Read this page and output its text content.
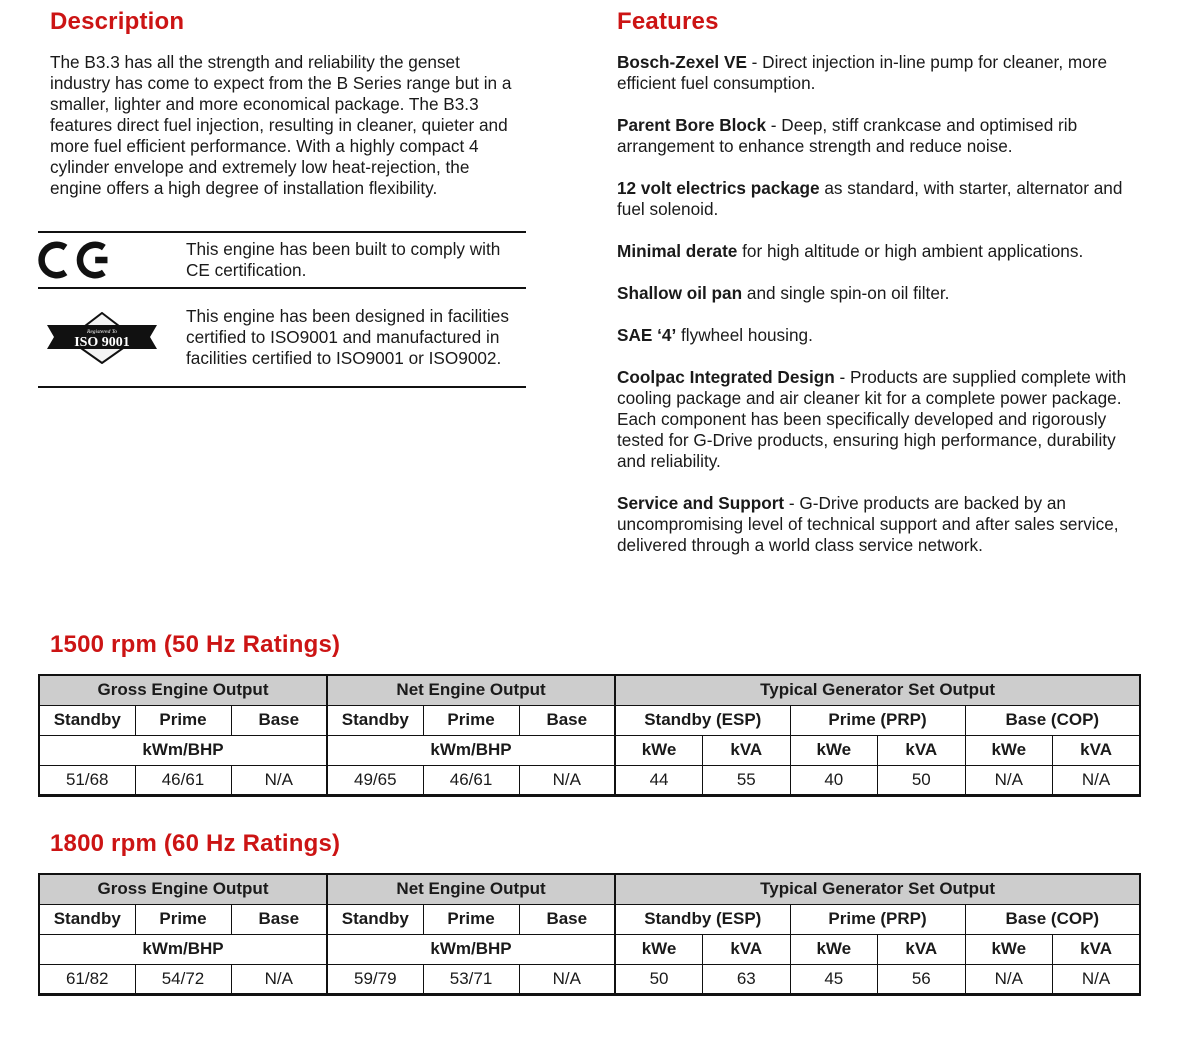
Description

The B3.3 has all the strength and reliability the genset industry has come to expect from the B Series range but in a smaller, lighter and more economical package. The B3.3 features direct fuel injection, resulting in cleaner, quieter and more fuel efficient performance. With a highly compact 4 cylinder envelope and extremely low heat-rejection, the engine offers a high degree of installation flexibility.

This engine has been built to comply with CE certification.

Registered To
ISO 9001

This engine has been designed in facilities certified to ISO9001 and manufactured in facilities certified to ISO9001 or ISO9002.

Features

Bosch-Zexel VE - Direct injection in-line pump for cleaner, more efficient fuel consumption.

Parent Bore Block - Deep, stiff crankcase and optimised rib arrangement to enhance strength and reduce noise.

12 volt electrics package as standard, with starter, alternator and fuel solenoid.

Minimal derate for high altitude or high ambient applications.

Shallow oil pan and single spin-on oil filter.

SAE ‘4’ flywheel housing.

Coolpac Integrated Design - Products are supplied complete with cooling package and air cleaner kit for a complete power package. Each component has been specifically developed and rigorously tested for G-Drive products, ensuring high performance, durability and reliability.

Service and Support - G-Drive products are backed by an uncompromising level of technical support and after sales service, delivered through a world class service network.

1500 rpm (50 Hz Ratings)
Gross Engine Output			Net Engine Output			Typical Generator Set Output					
Standby	Prime	Base	Standby	Prime	Base	Standby (ESP)		Prime (PRP)		Base (COP)	
kWm/BHP			kWm/BHP			kWe	kVA	kWe	kVA	kWe	kVA
51/68	46/61	N/A	49/65	46/61	N/A	44	55	40	50	N/A	N/A
1800 rpm (60 Hz Ratings)
Gross Engine Output			Net Engine Output			Typical Generator Set Output					
Standby	Prime	Base	Standby	Prime	Base	Standby (ESP)		Prime (PRP)		Base (COP)	
kWm/BHP			kWm/BHP			kWe	kVA	kWe	kVA	kWe	kVA
61/82	54/72	N/A	59/79	53/71	N/A	50	63	45	56	N/A	N/A
